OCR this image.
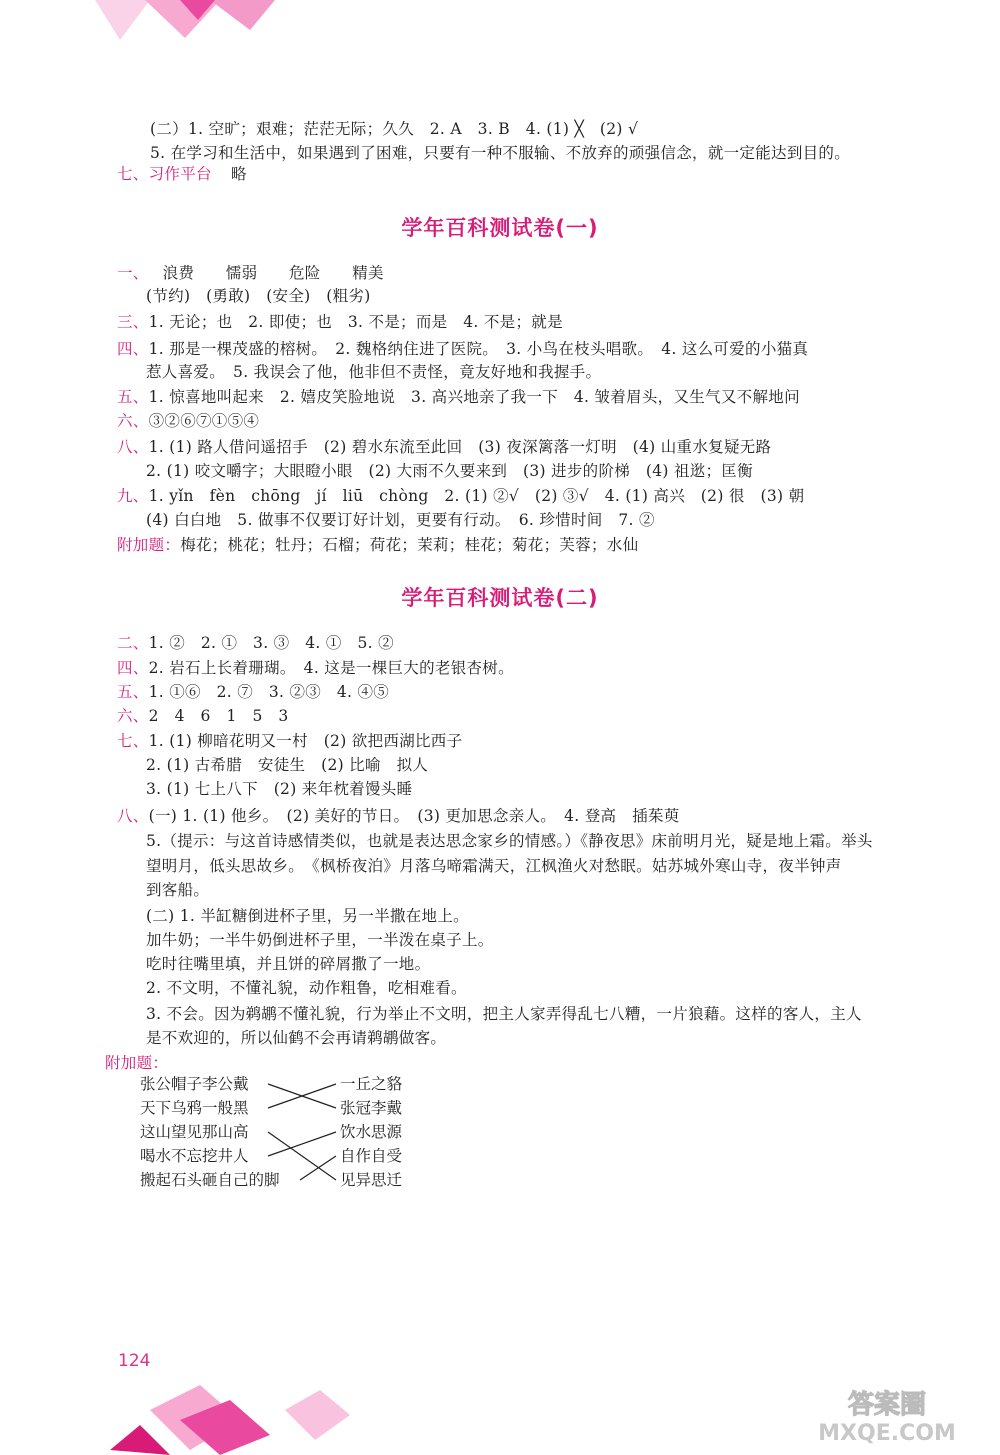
(二）1. 空旷；艰难；茫茫无际；久久　2. A　3. B　4. (1) ╳　(2) √
5. 在学习和生活中，如果遇到了困难，只要有一种不服输、不放弃的顽强信念，就一定能达到目的。
七、习作平台 略
学年百科测试卷(一)
一、 浪费　　懦弱　　危险　　精美
(节约)　(勇敢)　(安全)　(粗劣)
三、1. 无论；也　2. 即使；也　3. 不是；而是　4. 不是；就是
四、1. 那是一棵茂盛的榕树。　2. 魏格纳住进了医院。　3. 小鸟在枝头唱歌。　4. 这么可爱的小猫真
惹人喜爱。　5. 我误会了他，他非但不责怪，竟友好地和我握手。
五、1. 惊喜地叫起来　2. 嬉皮笑脸地说　3. 高兴地亲了我一下　4. 皱着眉头，又生气又不解地问
六、③②⑥⑦①⑤④
八、1. (1) 路人借问遥招手　(2) 碧水东流至此回　(3) 夜深篱落一灯明　(4) 山重水复疑无路
2. (1) 咬文嚼字；大眼瞪小眼　(2) 大雨不久要来到　(3) 进步的阶梯　(4) 祖逖；匡衡
九、1. yǐn　fèn　chōng　jí　liū　chòng　2. (1) ②√　(2) ③√　4. (1) 高兴　(2) 很　(3) 朝
(4) 白白地　5. 做事不仅要订好计划，更要有行动。　6. 珍惜时间　7. ②
附加题：梅花；桃花；牡丹；石榴；荷花；茉莉；桂花；菊花；芙蓉；水仙
学年百科测试卷(二)
二、1. ②　2. ①　3. ③　4. ①　5. ②
四、2. 岩石上长着珊瑚。　4. 这是一棵巨大的老银杏树。
五、1. ①⑥　2. ⑦　3. ②③　4. ④⑤
六、2　4　6　1　5　3
七、1. (1) 柳暗花明又一村　(2) 欲把西湖比西子
2. (1) 古希腊　安徒生　(2) 比喻　拟人
3. (1) 七上八下　(2) 来年枕着馒头睡
八、(一) 1. (1) 他乡。　(2) 美好的节日。　(3) 更加思念亲人。　4. 登高　插茱萸
5.（提示：与这首诗感情类似，也就是表达思念家乡的情感。）《静夜思》床前明月光，疑是地上霜。举头
望明月，低头思故乡。　《枫桥夜泊》月落乌啼霜满天，江枫渔火对愁眠。姑苏城外寒山寺，夜半钟声
到客船。
(二) 1. 半缸糖倒进杯子里，另一半撒在地上。
加牛奶；一半牛奶倒进杯子里，一半泼在桌子上。
吃时往嘴里填，并且饼的碎屑撒了一地。
2. 不文明，不懂礼貌，动作粗鲁，吃相难看。
3. 不会。因为鹈鹕不懂礼貌，行为举止不文明，把主人家弄得乱七八糟，一片狼藉。这样的客人，主人
是不欢迎的，所以仙鹤不会再请鹈鹕做客。
附加题：
张公帽子李公戴
天下乌鸦一般黑
这山望见那山高
喝水不忘挖井人
搬起石头砸自己的脚
一丘之貉
张冠李戴
饮水思源
自作自受
见异思迁
124
答案圈
MXQE.COM
